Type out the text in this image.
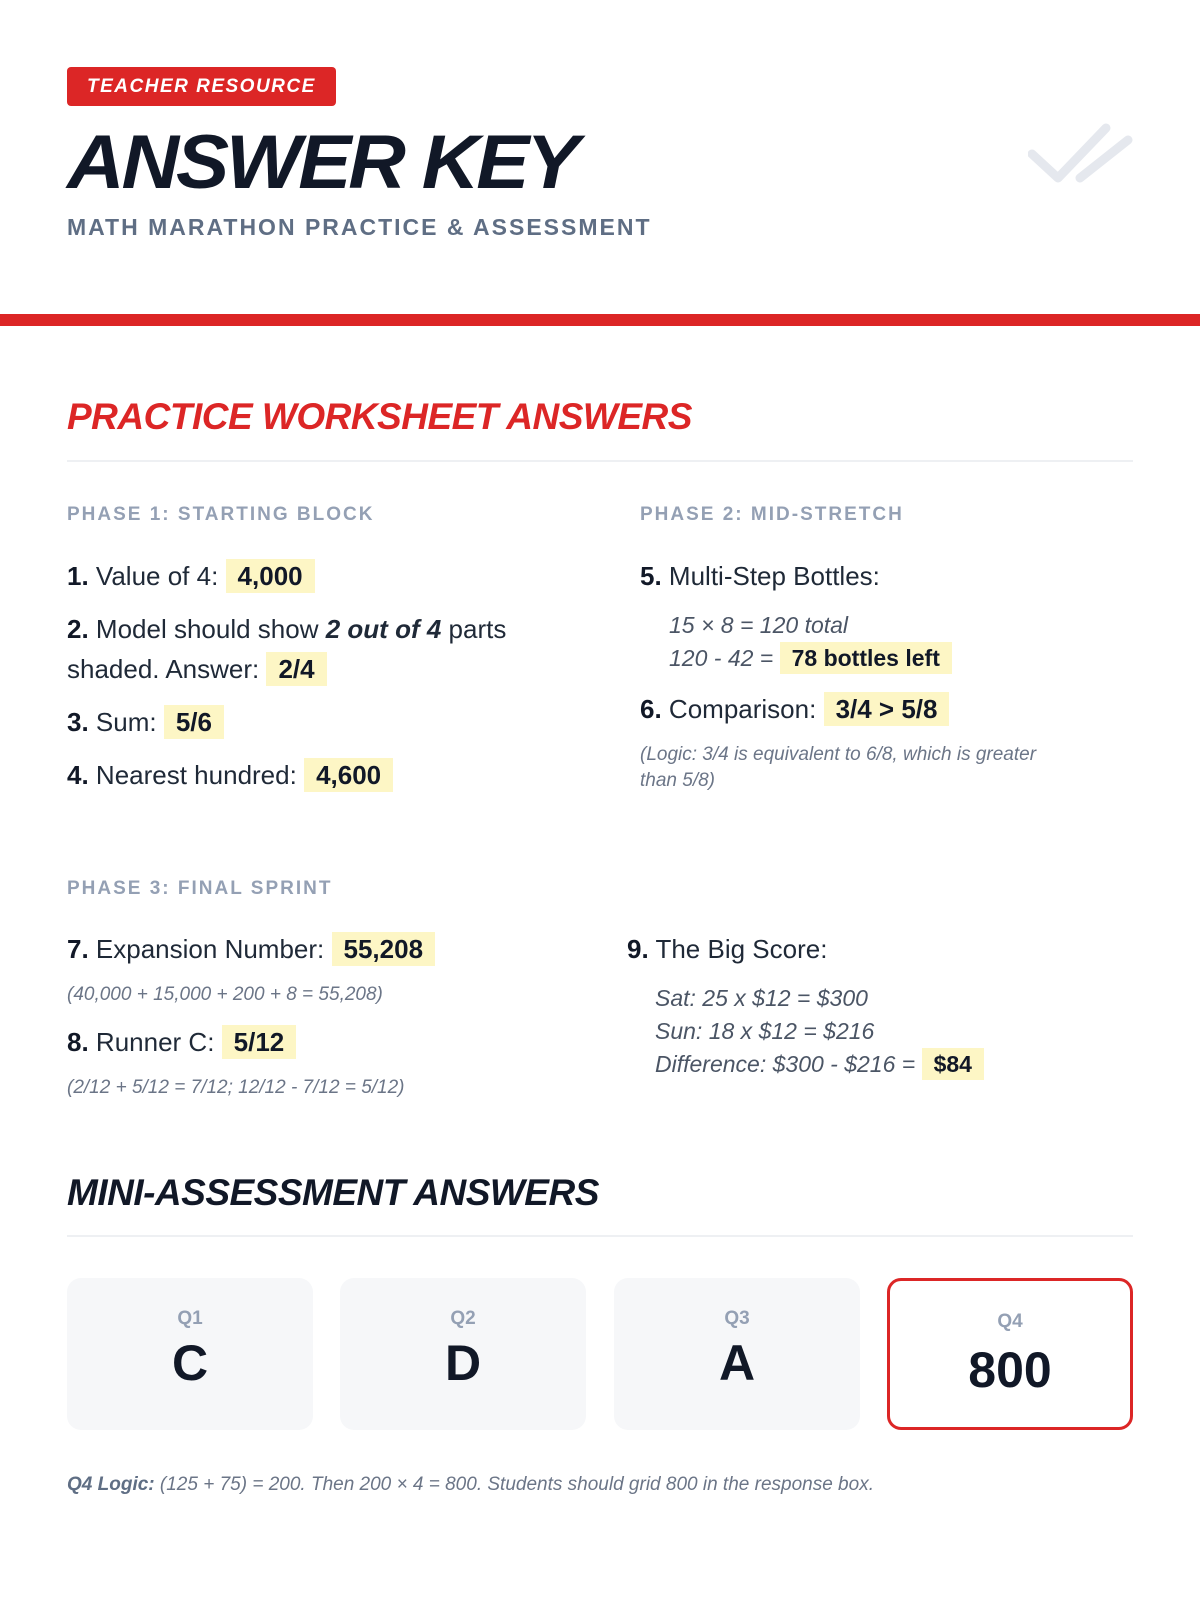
TEACHER RESOURCE
ANSWER KEY
MATH MARATHON PRACTICE & ASSESSMENT
PRACTICE WORKSHEET ANSWERS
PHASE 1: STARTING BLOCK
1. Value of 4: 4,000
2. Model should show 2 out of 4 parts
shaded. Answer: 2/4
3. Sum: 5/6
4. Nearest hundred: 4,600
PHASE 2: MID-STRETCH
5. Multi-Step Bottles:
15 × 8 = 120 total
120 - 42 = 78 bottles left
6. Comparison: 3/4 > 5/8
(Logic: 3/4 is equivalent to 6/8, which is greater
than 5/8)
PHASE 3: FINAL SPRINT
7. Expansion Number: 55,208
(40,000 + 15,000 + 200 + 8 = 55,208)
8. Runner C: 5/12
(2/12 + 5/12 = 7/12; 12/12 - 7/12 = 5/12)
9. The Big Score:
Sat: 25 x $12 = $300
Sun: 18 x $12 = $216
Difference: $300 - $216 = $84
MINI-ASSESSMENT ANSWERS
Q1
C
Q2
D
Q3
A
Q4
800
Q4 Logic: (125 + 75) = 200. Then 200 × 4 = 800. Students should grid 800 in the response box.
